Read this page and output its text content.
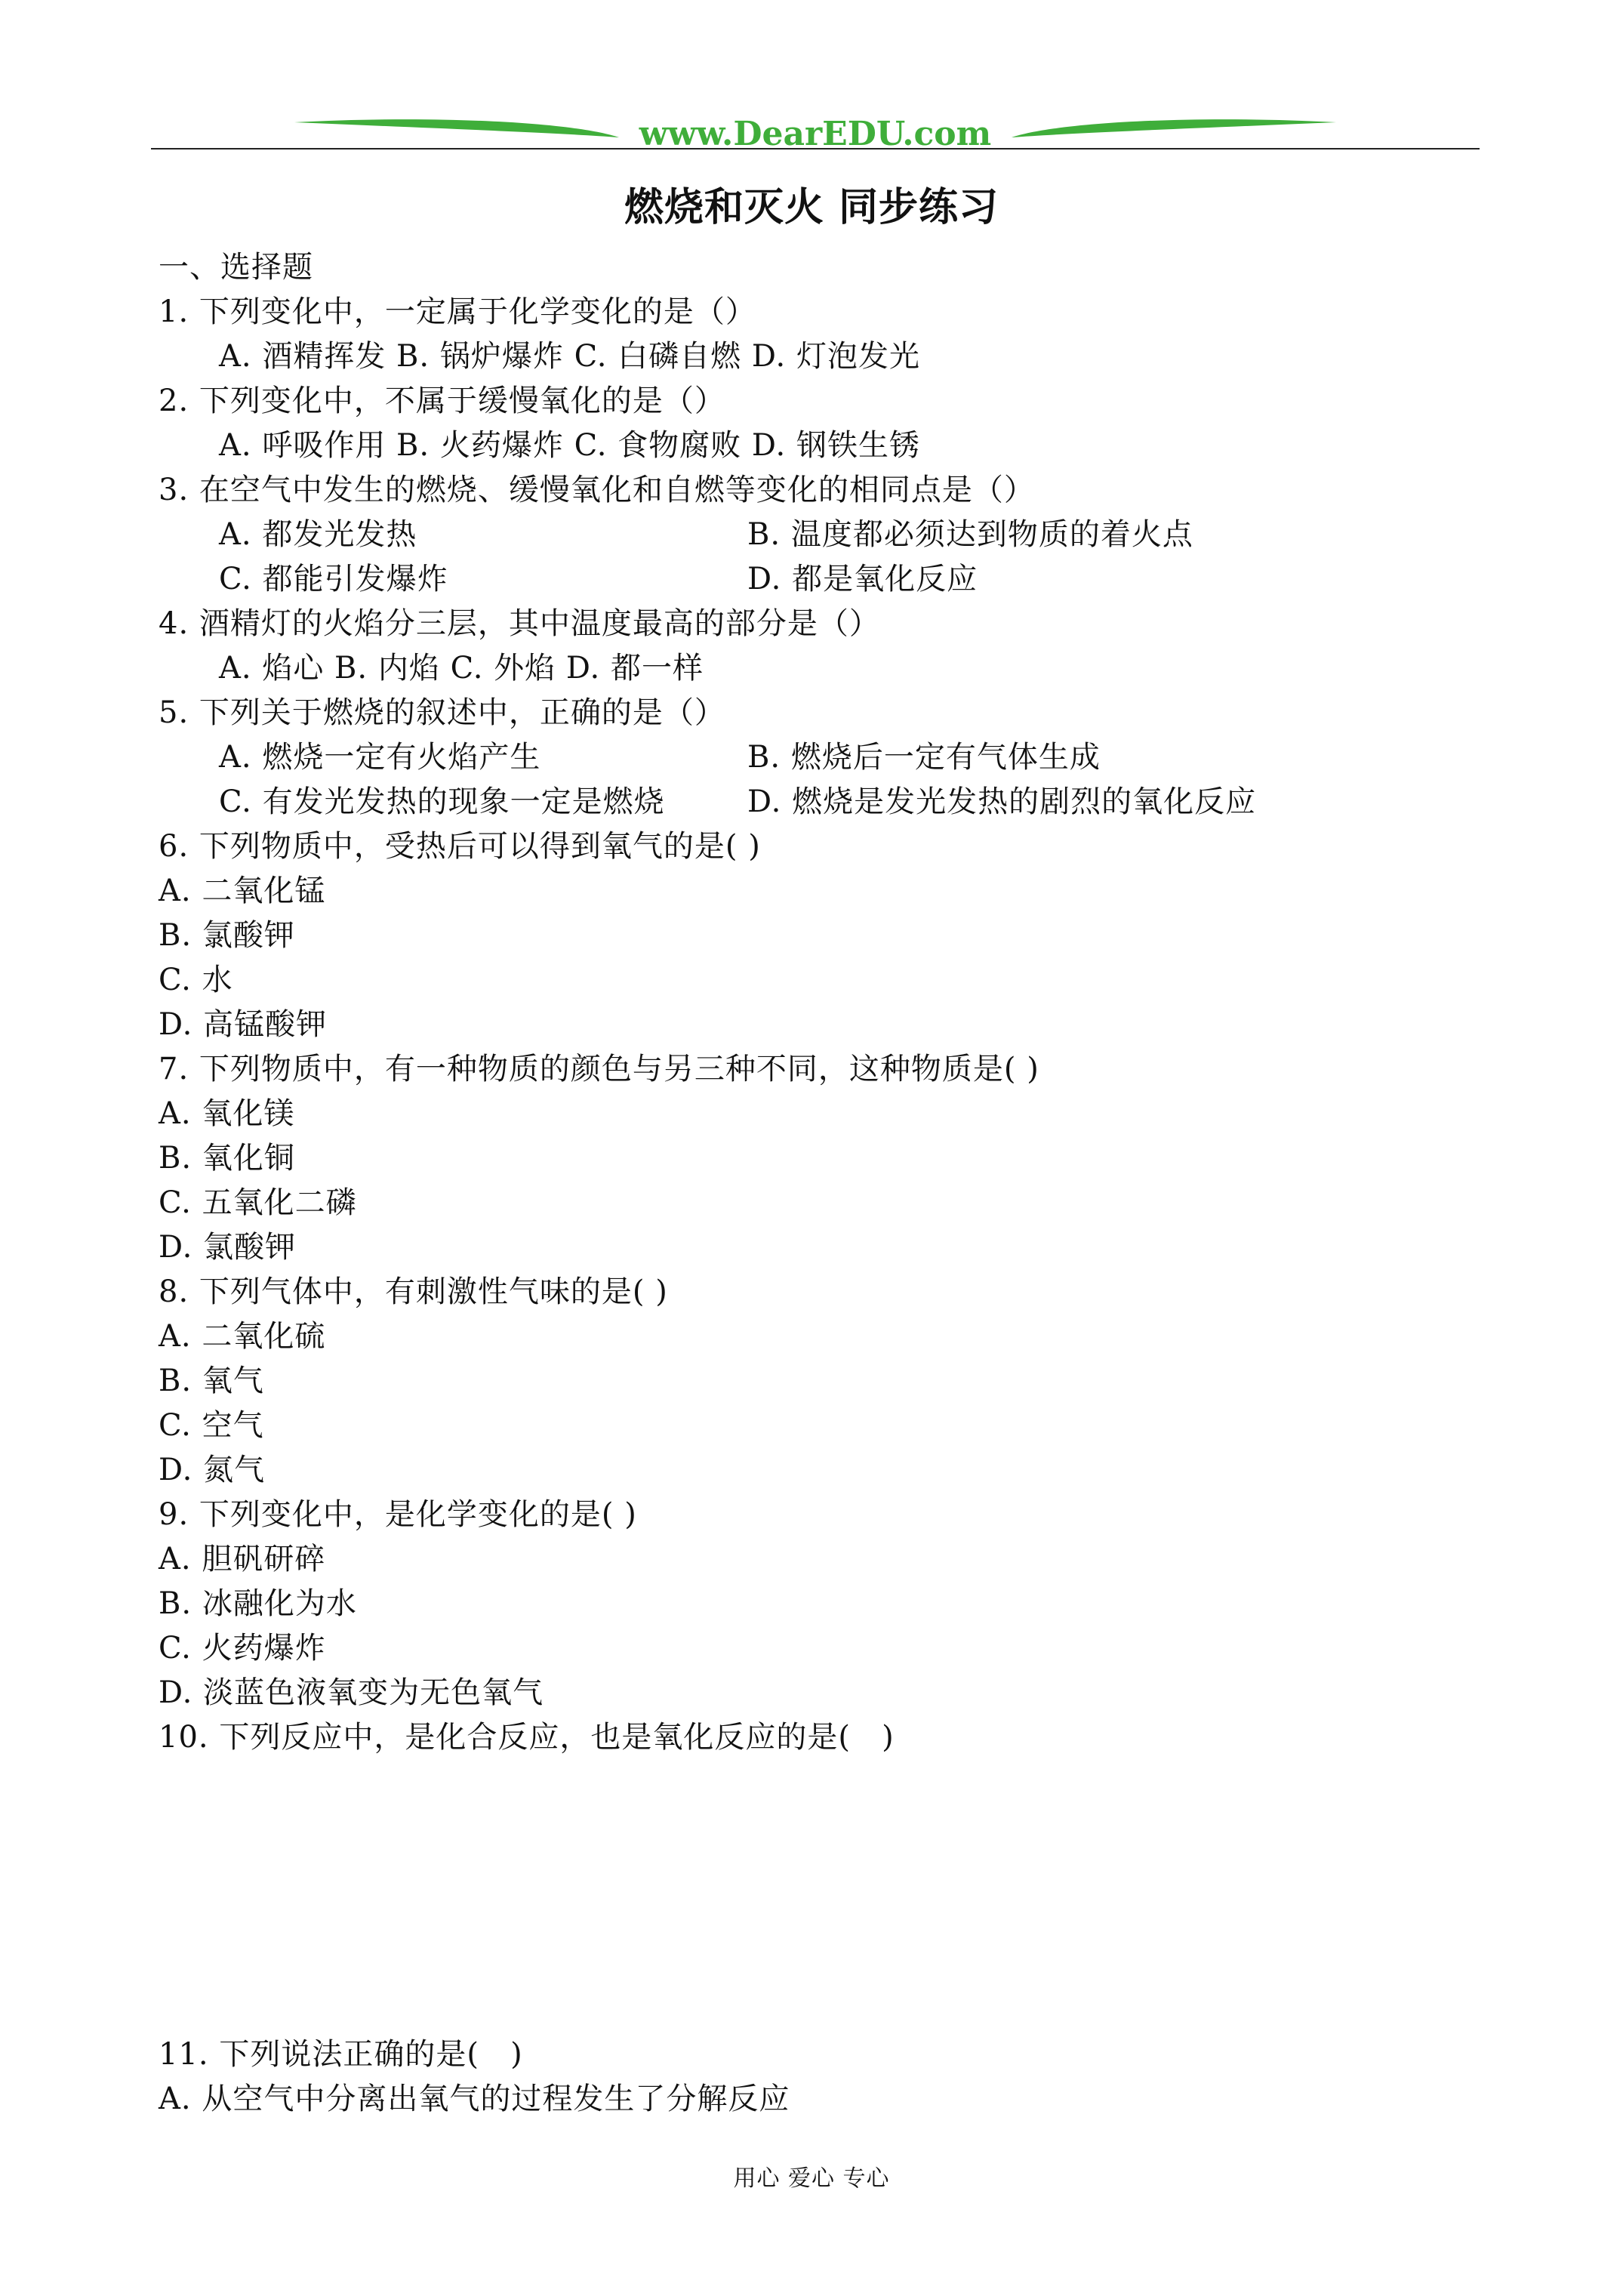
www.DearEDU.com
燃烧和灭火 同步练习
一、选择题
1. 下列变化中，一定属于化学变化的是（）
A. 酒精挥发 B. 锅炉爆炸 C. 白磷自燃 D. 灯泡发光
2. 下列变化中，不属于缓慢氧化的是（）
A. 呼吸作用 B. 火药爆炸 C. 食物腐败 D. 钢铁生锈
3. 在空气中发生的燃烧、缓慢氧化和自燃等变化的相同点是（）
A. 都发光发热	B. 温度都必须达到物质的着火点
C. 都能引发爆炸	D. 都是氧化反应
4. 酒精灯的火焰分三层，其中温度最高的部分是（）
A. 焰心 B. 内焰 C. 外焰 D. 都一样
5. 下列关于燃烧的叙述中，正确的是（）
A. 燃烧一定有火焰产生	B. 燃烧后一定有气体生成
C. 有发光发热的现象一定是燃烧	D. 燃烧是发光发热的剧烈的氧化反应
6. 下列物质中，受热后可以得到氧气的是( )
A. 二氧化锰
B. 氯酸钾
C. 水
D. 高锰酸钾
7. 下列物质中，有一种物质的颜色与另三种不同，这种物质是( )
A. 氧化镁
B. 氧化铜
C. 五氧化二磷
D. 氯酸钾
8. 下列气体中，有刺激性气味的是( )
A. 二氧化硫
B. 氧气
C. 空气
D. 氮气
9. 下列变化中，是化学变化的是( )
A. 胆矾研碎
B. 冰融化为水
C. 火药爆炸
D. 淡蓝色液氧变为无色氧气
10. 下列反应中，是化合反应，也是氧化反应的是(   )
11. 下列说法正确的是(   )
A. 从空气中分离出氧气的过程发生了分解反应
用心 爱心 专心
